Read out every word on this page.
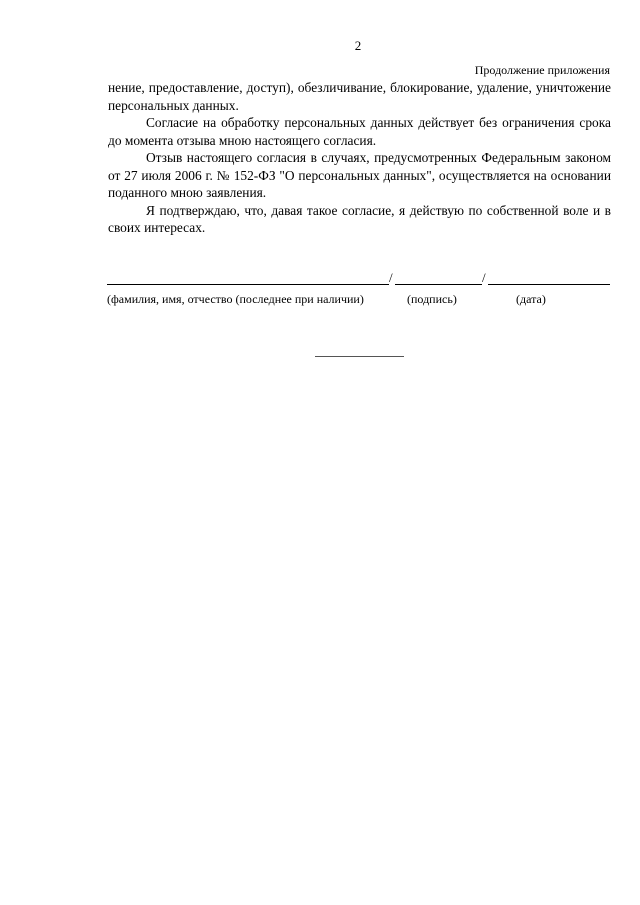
2
Продолжение приложения

нение, предоставление, доступ), обезличивание, блокирование, удаление, уничтожение персональных данных.

Согласие на обработку персональных данных действует без ограничения срока до момента отзыва мною настоящего согласия.

Отзыв настоящего согласия в случаях, предусмотренных Федеральным законом от 27 июля 2006 г. № 152-ФЗ "О персональных данных", осуществляется на основании поданного мною заявления.

Я подтверждаю, что, давая такое согласие, я действую по собственной воле и в своих интересах.

/	/
(фамилия, имя, отчество (последнее при наличии)	(подпись)	(дата)
